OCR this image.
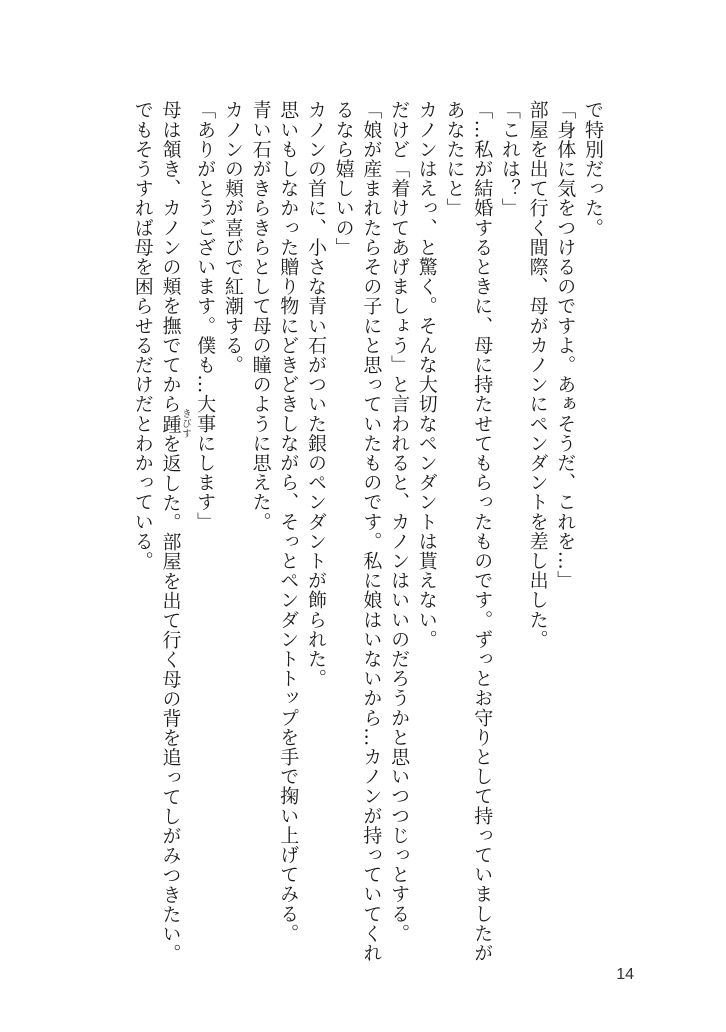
で特別だった。
「身体に気をつけるのですよ。あぁそうだ、これを…」
部屋を出て行く間際、母がカノンにペンダントを差し出した。
「これは？」
「…私が結婚するときに、母に持たせてもらったものです。ずっとお守りとして持っていましたが
あなたにと」
カノンはえっ、と驚く。そんな大切なペンダントは貰えない。
だけど「着けてあげましょう」と言われると、カノンはいいのだろうかと思いつつじっとする。
「娘が産まれたらその子にと思っていたものです。私に娘はいないから…カノンが持っていてくれ
るなら嬉しいの」
カノンの首に、小さな青い石がついた銀のペンダントが飾られた。
思いもしなかった贈り物にどきどきしながら、そっとペンダントトップを手で掬い上げてみる。
青い石がきらきらとして母の瞳のように思えた。
カノンの頬が喜びで紅潮する。
「ありがとうございます。僕も…大事にします」
母は頷き、カノンの頬を撫でてから踵きびすを返した。部屋を出て行く母の背を追ってしがみつきたい。
でもそうすれば母を困らせるだけだとわかっている。
14
